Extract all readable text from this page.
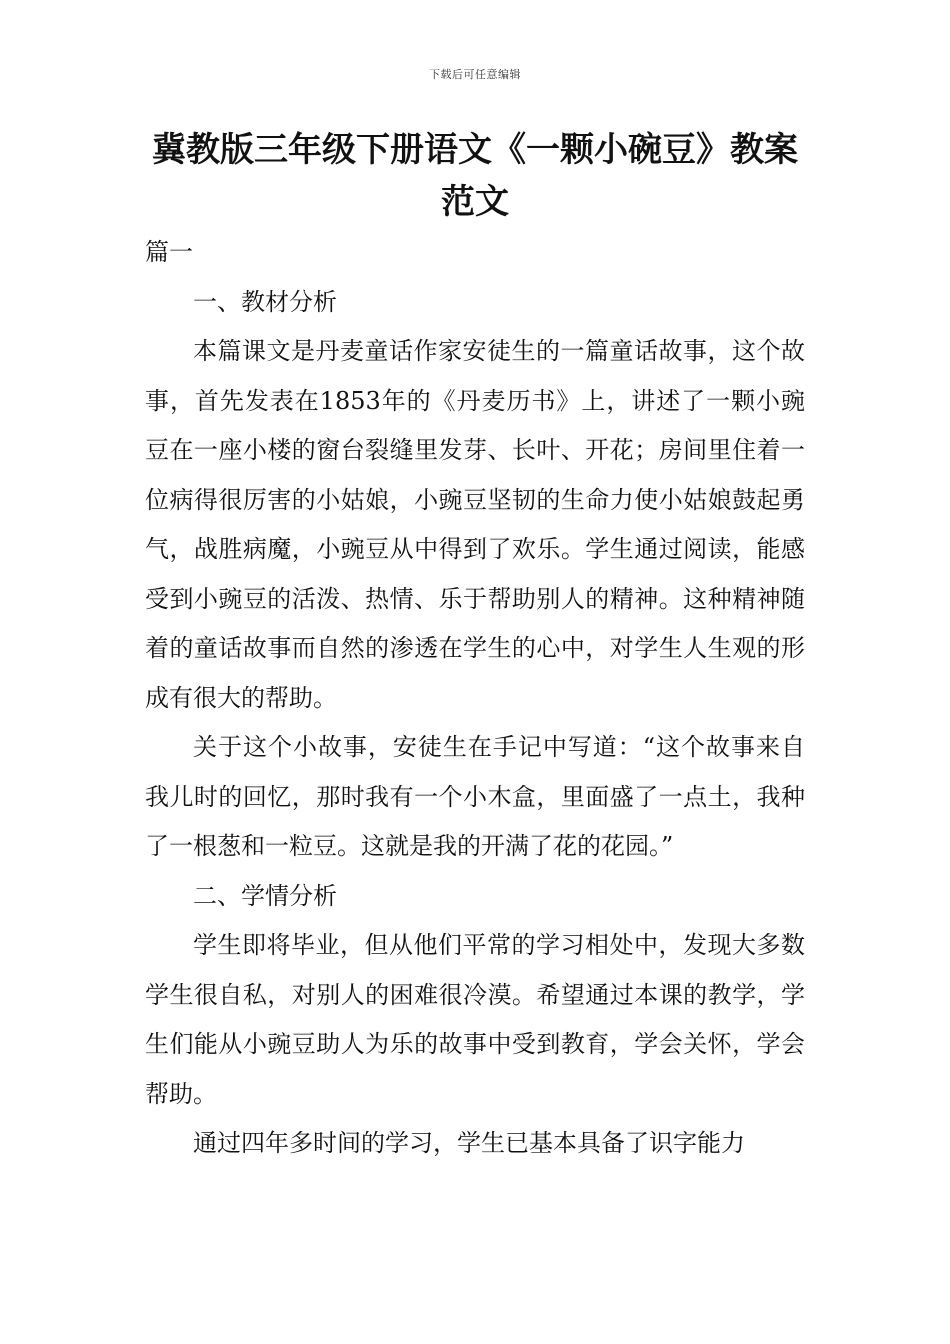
下载后可任意编辑
冀教版三年级下册语文《一颗小碗豆》教案范文

篇一

一、教材分析

本篇课文是丹麦童话作家安徒生的一篇童话故事，这个故事，首先发表在1853年的《丹麦历书》上，讲述了一颗小豌豆在一座小楼的窗台裂缝里发芽、长叶、开花；房间里住着一位病得很厉害的小姑娘，小豌豆坚韧的生命力使小姑娘鼓起勇气，战胜病魔，小豌豆从中得到了欢乐。学生通过阅读，能感受到小豌豆的活泼、热情、乐于帮助别人的精神。这种精神随着的童话故事而自然的渗透在学生的心中，对学生人生观的形成有很大的帮助。

关于这个小故事，安徒生在手记中写道：“这个故事来自我儿时的回忆，那时我有一个小木盒，里面盛了一点土，我种了一根葱和一粒豆。这就是我的开满了花的花园。”

二、学情分析

学生即将毕业，但从他们平常的学习相处中，发现大多数学生很自私，对别人的困难很冷漠。希望通过本课的教学，学生们能从小豌豆助人为乐的故事中受到教育，学会关怀，学会帮助。

通过四年多时间的学习，学生已基本具备了识字能力
